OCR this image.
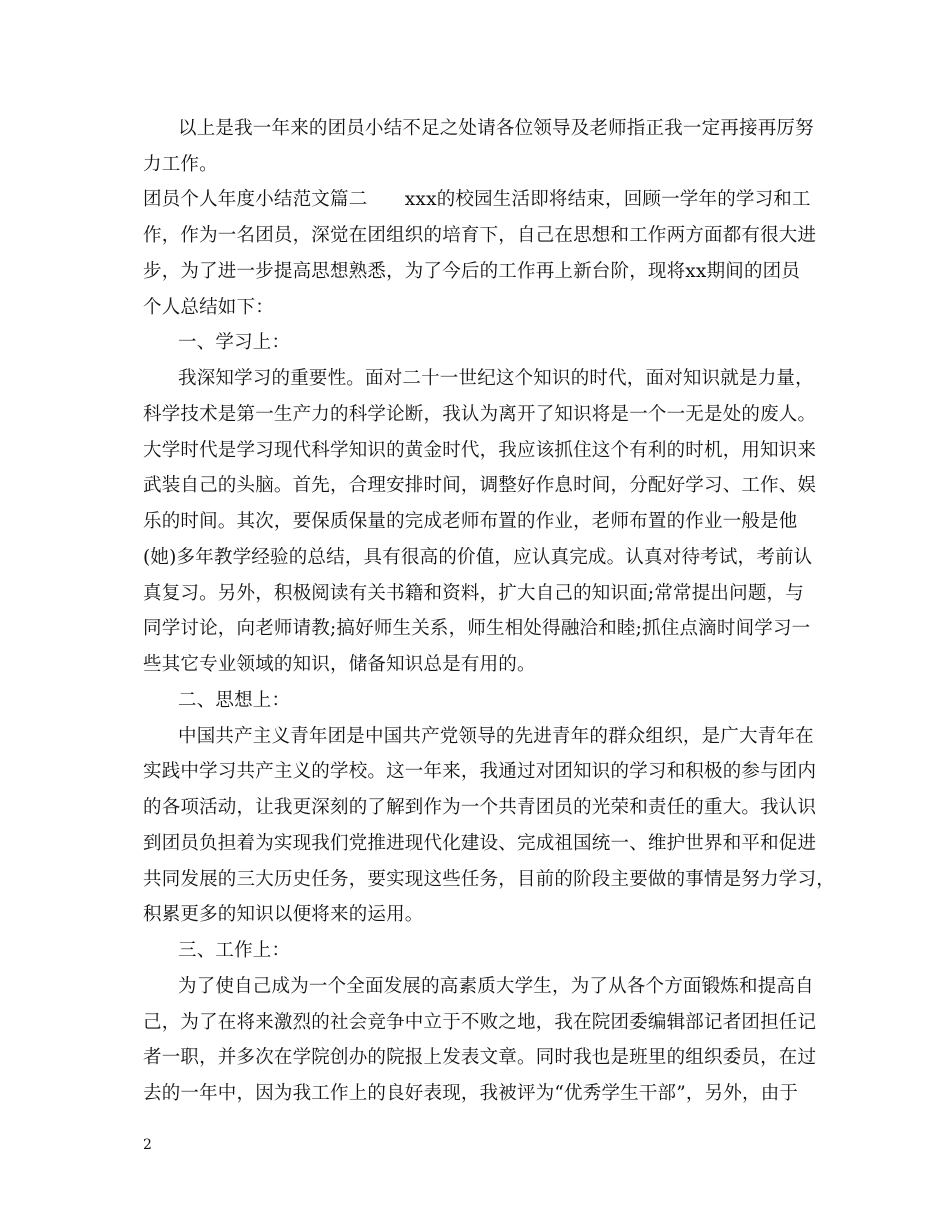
以上是我一年来的团员小结不足之处请各位领导及老师指正我一定再接再厉努
力工作。
团员个人年度小结范文篇二　　xxx的校园生活即将结束，回顾一学年的学习和工
作，作为一名团员，深觉在团组织的培育下，自己在思想和工作两方面都有很大进
步，为了进一步提高思想熟悉，为了今后的工作再上新台阶，现将xx期间的团员
个人总结如下：
一、学习上：
我深知学习的重要性。面对二十一世纪这个知识的时代，面对知识就是力量，
科学技术是第一生产力的科学论断，我认为离开了知识将是一个一无是处的废人。
大学时代是学习现代科学知识的黄金时代，我应该抓住这个有利的时机，用知识来
武装自己的头脑。首先，合理安排时间，调整好作息时间，分配好学习、工作、娱
乐的时间。其次，要保质保量的完成老师布置的作业，老师布置的作业一般是他
(她)多年教学经验的总结，具有很高的价值，应认真完成。认真对待考试，考前认
真复习。另外，积极阅读有关书籍和资料，扩大自己的知识面;常常提出问题，与
同学讨论，向老师请教;搞好师生关系，师生相处得融洽和睦;抓住点滴时间学习一
些其它专业领域的知识，储备知识总是有用的。
二、思想上：
中国共产主义青年团是中国共产党领导的先进青年的群众组织，是广大青年在
实践中学习共产主义的学校。这一年来，我通过对团知识的学习和积极的参与团内
的各项活动，让我更深刻的了解到作为一个共青团员的光荣和责任的重大。我认识
到团员负担着为实现我们党推进现代化建设、完成祖国统一、维护世界和平和促进
共同发展的三大历史任务，要实现这些任务，目前的阶段主要做的事情是努力学习，
积累更多的知识以便将来的运用。
三、工作上：
为了使自己成为一个全面发展的高素质大学生，为了从各个方面锻炼和提高自
己，为了在将来激烈的社会竞争中立于不败之地，我在院团委编辑部记者团担任记
者一职，并多次在学院创办的院报上发表文章。同时我也是班里的组织委员，在过
去的一年中，因为我工作上的良好表现，我被评为“优秀学生干部”，另外，由于
2
